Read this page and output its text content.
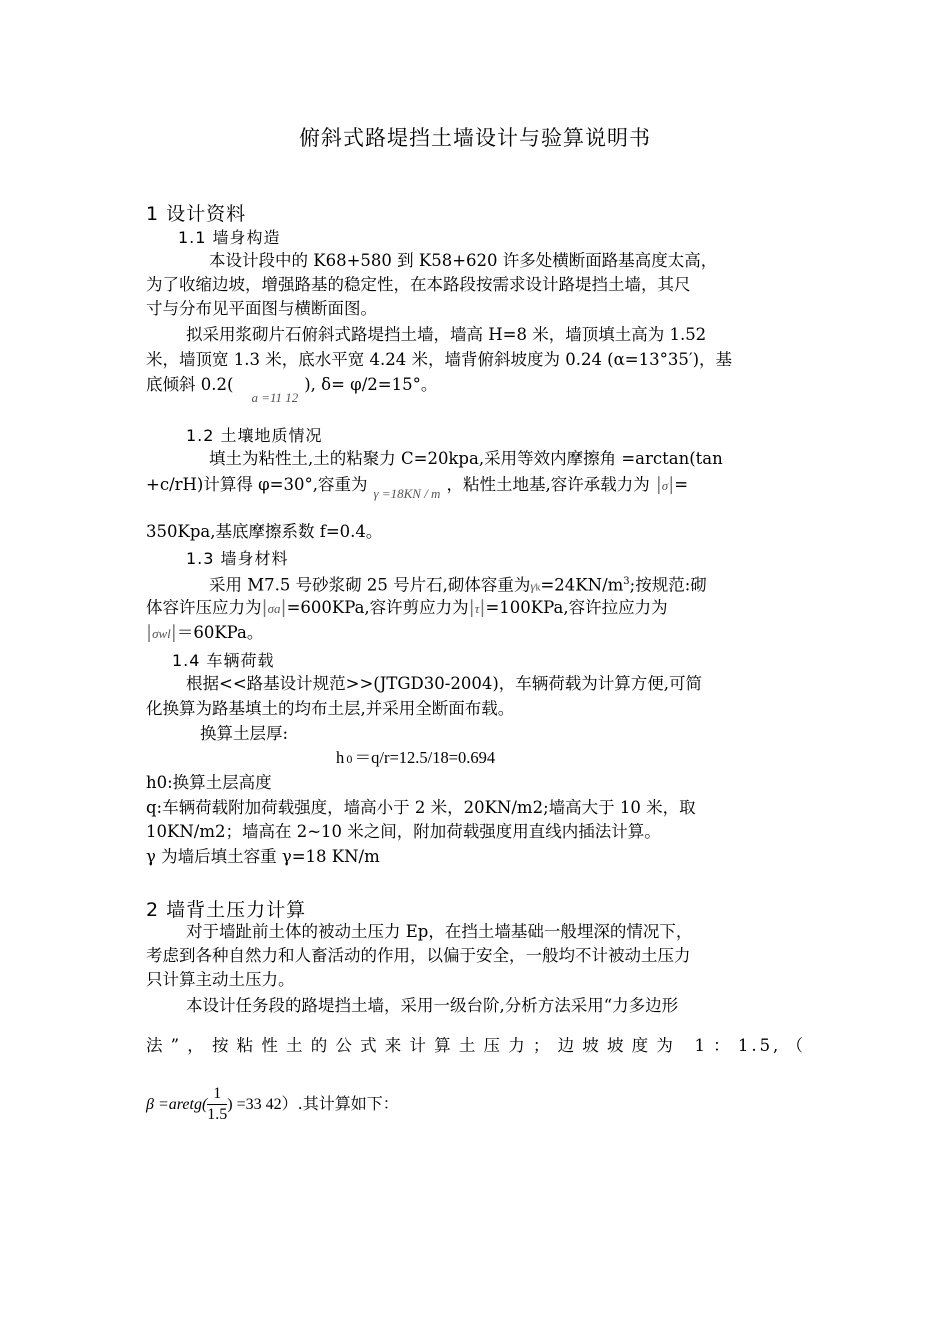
俯斜式路堤挡土墙设计与验算说明书
1 设计资料
1.1 墙身构造
本设计段中的 K68+580 到 K58+620 许多处横断面路基高度太高，
为了收缩边坡，增强路基的稳定性，在本路段按需求设计路堤挡土墙，其尺
寸与分布见平面图与横断面图。
拟采用浆砌片石俯斜式路堤挡土墙，墙高 H=8 米，墙顶填土高为 1.52
米，墙顶宽 1.3 米，底水平宽 4.24 米，墙背俯斜坡度为 0.24 (α=13°35′)，基
底倾斜 $0.2(_{a =11 12})$, δ= φ/2=15°。
1.2 土壤地质情况
填土为粘性土,土的粘聚力 C=20kpa,采用等效内摩擦角 =arctan(tan
+c/rH)计算得 φ=30°,容重为 $_{\gamma =18KN / m}$ ，粘性土地基,容许承载力为 |σ|=
350Kpa,基底摩擦系数 f=0.4。
1.3 墙身材料
采用 M7.5 号砂浆砌 25 号片石,砌体容重为$\gamma k=24KN/m^3$;按规范:砌
体容许压应力为|σa|=600KPa,容许剪应力为|τ|=100KPa,容许拉应力为
|σwl|＝60KPa。
1.4 车辆荷载
根据<<路基设计规范>>(JTGD30-2004)，车辆荷载为计算方便,可简
化换算为路基填土的均布土层,并采用全断面布载。
换算土层厚:
h 0 ＝q/r=12.5/18=0.694
h0:换算土层高度
q:车辆荷载附加荷载强度，墙高小于 2 米，20KN/m2;墙高大于 10 米，取
10KN/m2；墙高在 2~10 米之间，附加荷载强度用直线内插法计算。
γ 为墙后填土容重 γ=18 KN/m
2 墙背土压力计算
对于墙趾前土体的被动土压力 Ep，在挡土墙基础一般埋深的情况下，
考虑到各种自然力和人畜活动的作用，以偏于安全，一般均不计被动土压力
只计算主动土压力。
本设计任务段的路堤挡土墙，采用一级台阶,分析方法采用“力多边形
法”，按粘性土的公式来计算土压力；边坡坡度为 1：1.5,（
β =aretg( $\frac{1}{1.5}$ ) =33 42）.其计算如下：
